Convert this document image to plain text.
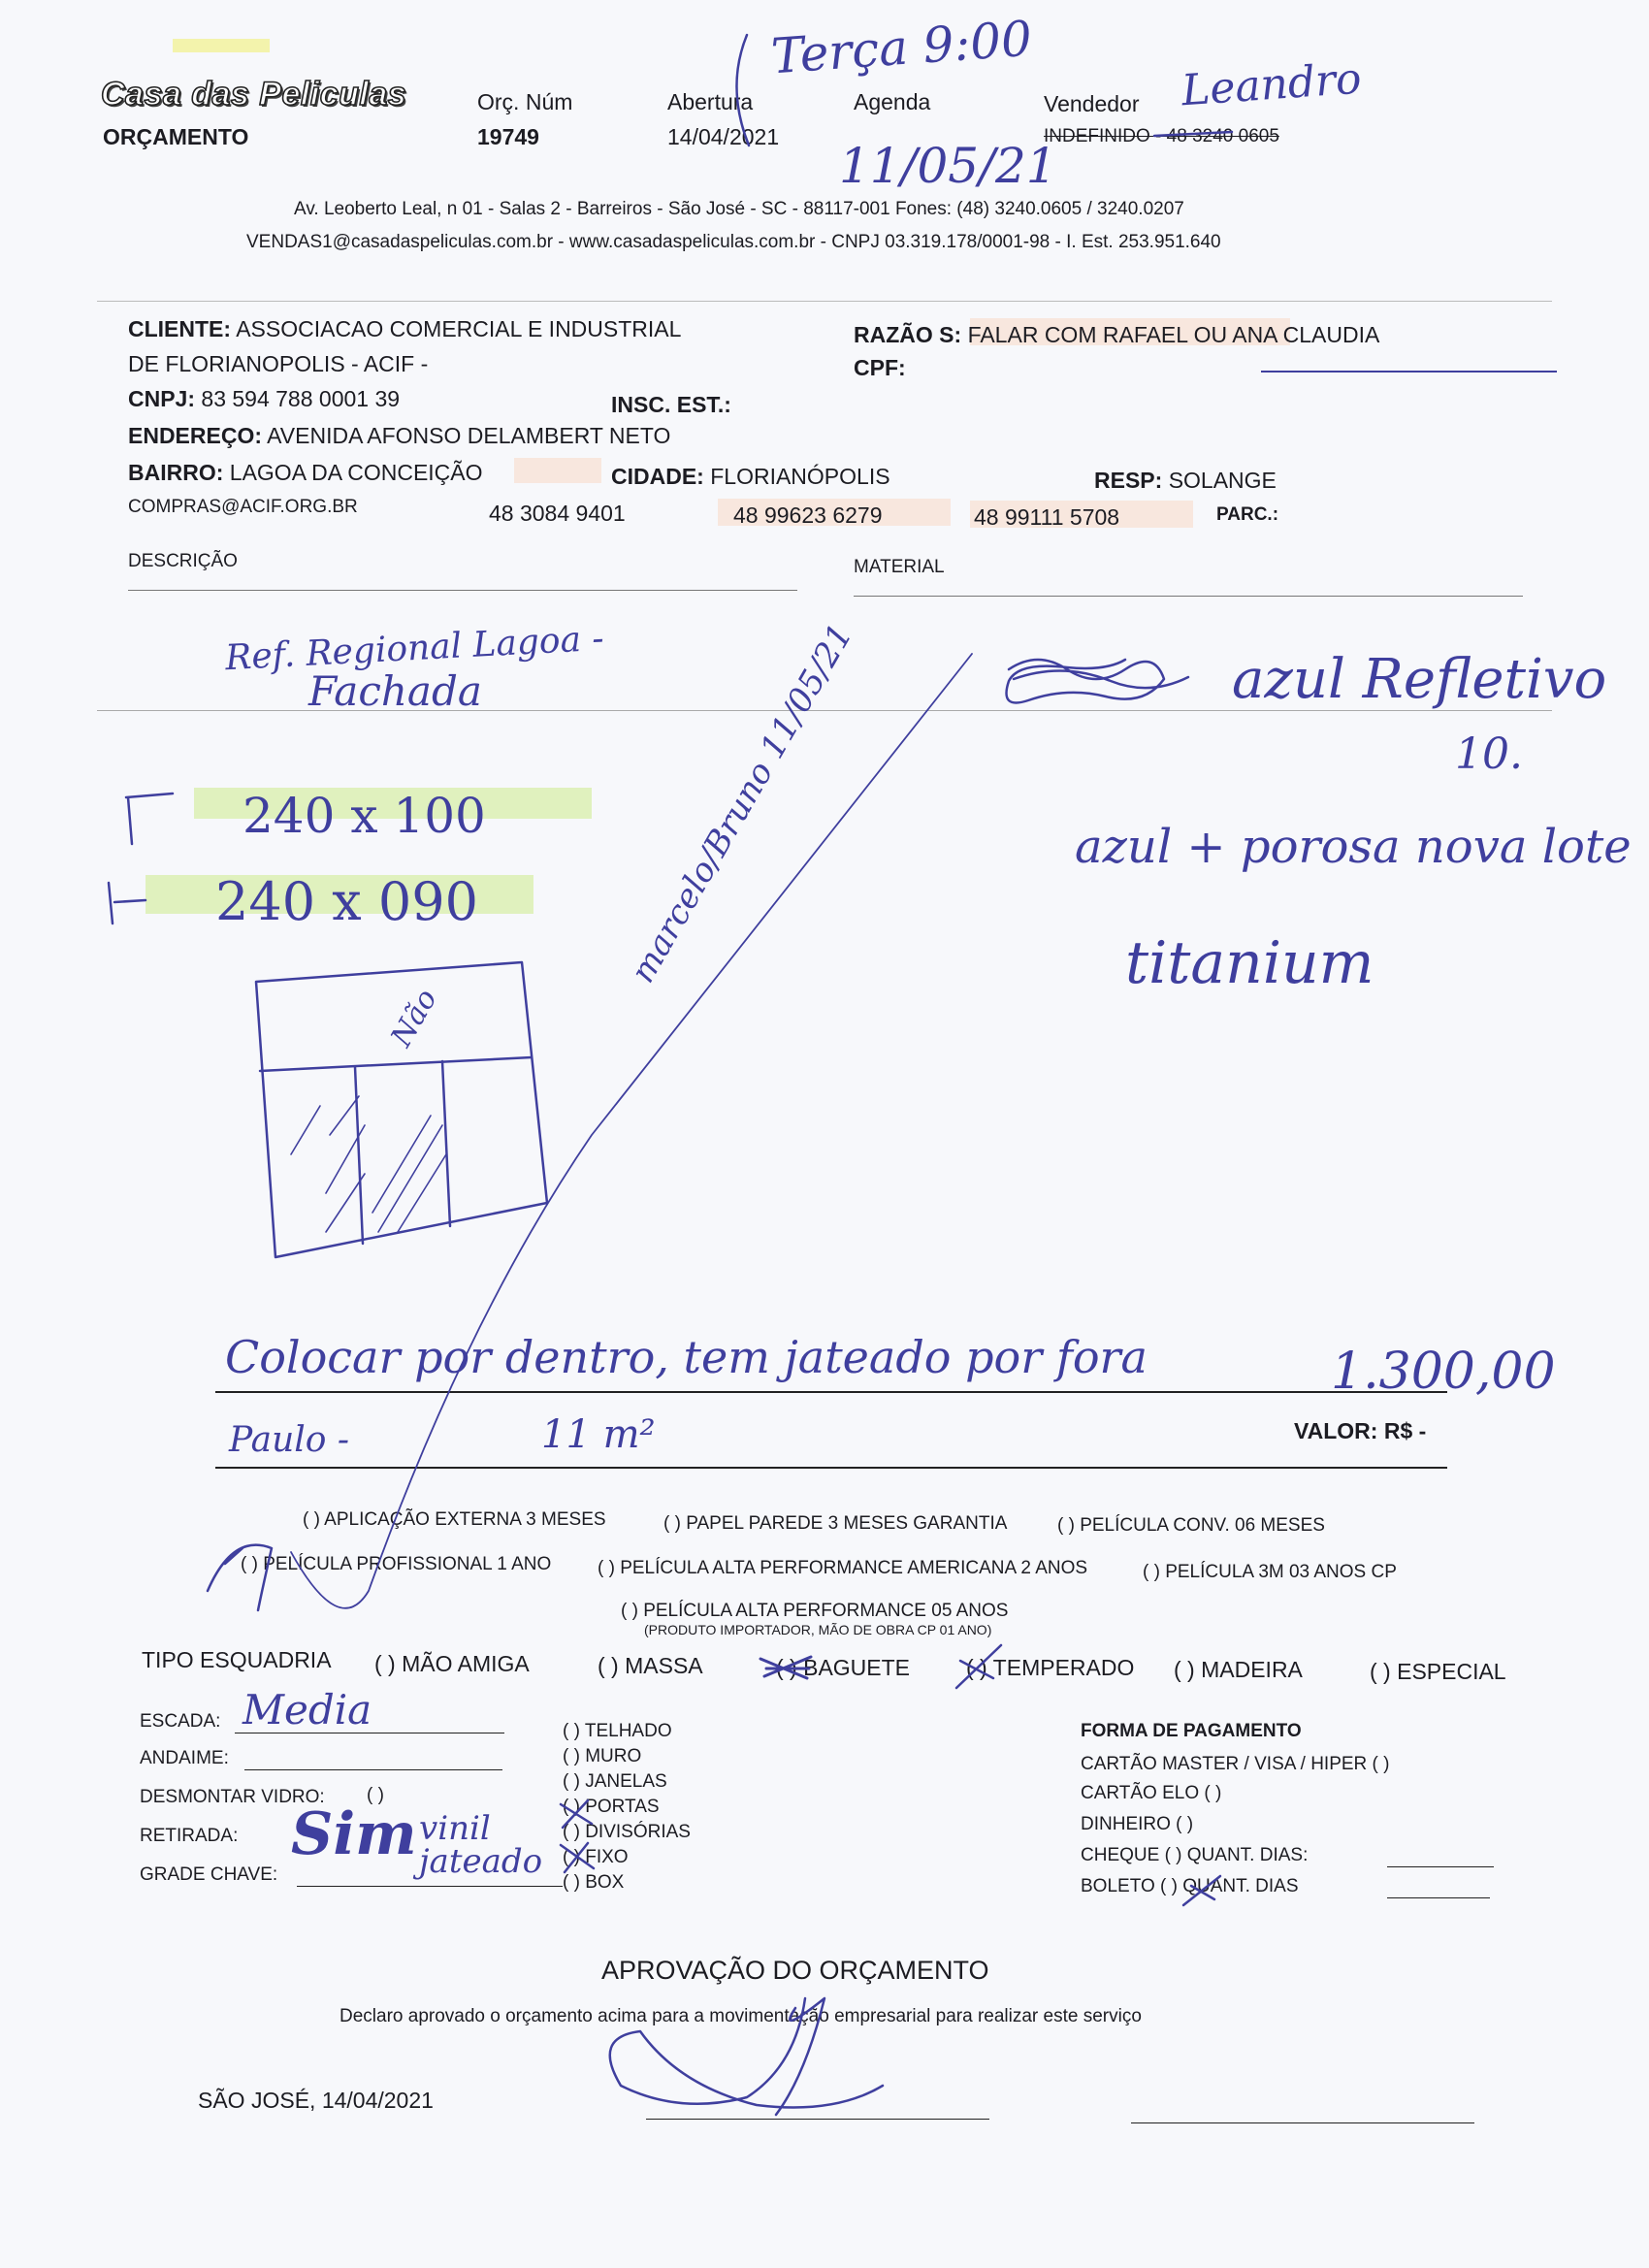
Casa das Peliculas
ORÇAMENTO
Orç. Núm
19749
Abertura
14/04/2021
Agenda	Vendedor
INDEFINIDO - 48 3240 0605
Terça 9:00
11/05/21
Leandro
Av. Leoberto Leal, n 01 - Salas 2 - Barreiros - São José - SC - 88117-001 Fones: (48) 3240.0605 / 3240.0207
VENDAS1@casadaspeliculas.com.br - www.casadaspeliculas.com.br - CNPJ 03.319.178/0001-98 - I. Est. 253.951.640
CLIENTE: ASSOCIACAO COMERCIAL E INDUSTRIAL
DE FLORIANOPOLIS - ACIF -
RAZÃO S: FALAR COM RAFAEL OU ANA CLAUDIA
CPF:
CNPJ: 83 594 788 0001 39	INSC. EST.:
ENDEREÇO: AVENIDA AFONSO DELAMBERT NETO
BAIRRO: LAGOA DA CONCEIÇÃO	CIDADE: FLORIANÓPOLIS	RESP: SOLANGE
COMPRAS@ACIF.ORG.BR	48 3084 9401	48 99623 6279	48 99111 5708	PARC.:
DESCRIÇÃO	MATERIAL
Ref. Regional Lagoa -
Fachada	azul Refletivo
10.
azul + porosa nova lote
titanium
240 x 100
240 x 090
Não
marcelo/Bruno 11/05/21
Colocar por dentro, tem jateado por fora	1.300,00
Paulo -	11 m²	VALOR: R$ -
( ) APLICAÇÃO EXTERNA 3 MESES	( ) PAPEL PAREDE 3 MESES GARANTIA	( ) PELÍCULA CONV. 06 MESES
( ) PELÍCULA PROFISSIONAL 1 ANO	( ) PELÍCULA ALTA PERFORMANCE AMERICANA 2 ANOS	( ) PELÍCULA 3M 03 ANOS CP
( ) PELÍCULA ALTA PERFORMANCE 05 ANOS
(PRODUTO IMPORTADOR, MÃO DE OBRA CP 01 ANO)
TIPO ESQUADRIA ( ) MÃO AMIGA	( ) MASSA	( ) BAGUETE	( ) TEMPERADO ( ) MADEIRA	( ) ESPECIAL
ESCADA: Media
ANDAIME:
DESMONTAR VIDRO: ( )
RETIRADA: Sim vinil jateado
GRADE CHAVE:
( ) TELHADO
( ) MURO
( ) JANELAS
( ) PORTAS
( ) DIVISÓRIAS
( ) FIXO
( ) BOX
FORMA DE PAGAMENTO
CARTÃO MASTER / VISA / HIPER ( )
CARTÃO ELO ( )
DINHEIRO ( )
CHEQUE ( ) QUANT. DIAS:
BOLETO ( ) QUANT. DIAS
APROVAÇÃO DO ORÇAMENTO
Declaro aprovado o orçamento acima para a movimentação empresarial para realizar este serviço
SÃO JOSÉ, 14/04/2021
